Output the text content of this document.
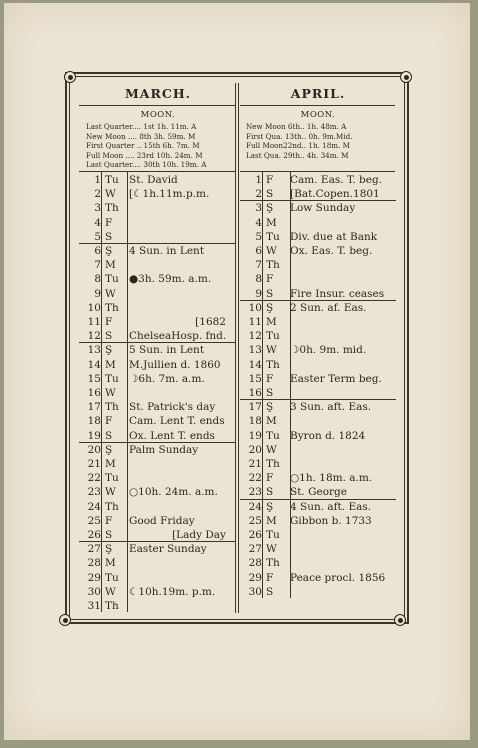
MARCH.	APRIL.
MOON.	MOON.
Last Quarter.... 1st 1h. 11m. A
New Moon .... 8th 3h. 59m. M
First Quarter .. 15th 6h. 7m. M
Full Moon .... 23rd 10h. 24m. M
Last Quarter.... 30th 10h. 19m. A
New Moon 6th.. 1h. 48m. A
First Qua. 13th.. 0h. 9m.Mid.
Full Moon22nd.. 1h. 18m. M
Last Qua. 29th.. 4h. 34m. M
1 Tu St. David
2 W [☾1h.11m.p.m.
3 Th
4 F
5 S
6 Ş 4 Sun. in Lent
7 M
8 Tu ●3h. 59m. a.m.
9 W
10 Th
11 F	[1682
12 S ChelseaHosp. fnd.
13 Ş 5 Sun. in Lent
14 M M.Jullien d. 1860
15 Tu ☽6h. 7m. a.m.
16 W
17 Th St. Patrick's day
18 F Cam. Lent T. ends
19 S Ox. Lent T. ends
20 Ş Palm Sunday
21 M
22 Tu
23 W ○10h. 24m. a.m.
24 Th
25 F Good Friday
26 S	[Lady Day
27 Ş Easter Sunday
28 M
29 Tu
30 W ☾10h.19m. p.m.
31 Th
1 F Cam. Eas. T. beg.
2 S [Bat.Copen.1801
3 Ş Low Sunday
4 M
5 Tu Div. due at Bank
6 W Ox. Eas. T. beg.
7 Th
8 F
9 S Fire Insur. ceases
10 Ş 2 Sun. af. Eas.
11 M
12 Tu
13 W ☽0h. 9m. mid.
14 Th
15 F Easter Term beg.
16 S
17 Ş 3 Sun. aft. Eas.
18 M
19 Tu Byron d. 1824
20 W
21 Th
22 F ○1h. 18m. a.m.
23 S St. George
24 Ş 4 Sun. aft. Eas.
25 M Gibbon b. 1733
26 Tu
27 W
28 Th
29 F Peace procl. 1856
30 S
